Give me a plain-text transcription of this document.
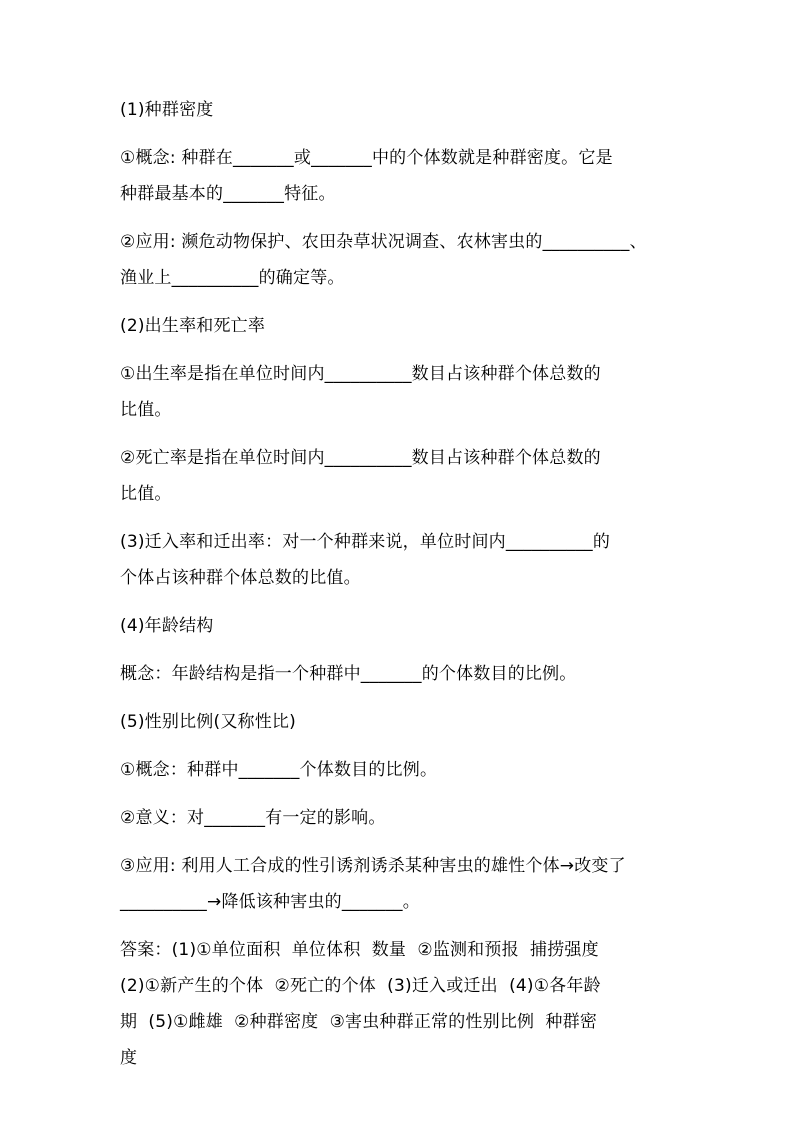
(1)种群密度
①概念: 种群在_______或_______中的个体数就是种群密度。它是
种群最基本的_______特征。
②应用: 濒危动物保护、农田杂草状况调查、农林害虫的__________、
渔业上__________的确定等。
(2)出生率和死亡率
①出生率是指在单位时间内__________数目占该种群个体总数的
比值。
②死亡率是指在单位时间内__________数目占该种群个体总数的
比值。
(3)迁入率和迁出率：对一个种群来说，单位时间内__________的
个体占该种群个体总数的比值。
(4)年龄结构
概念：年龄结构是指一个种群中_______的个体数目的比例。
(5)性别比例(又称性比)
①概念：种群中_______个体数目的比例。
②意义：对_______有一定的影响。
③应用: 利用人工合成的性引诱剂诱杀某种害虫的雄性个体→改变了
__________→降低该种害虫的_______。
答案：(1)①单位面积  单位体积  数量  ②监测和预报  捕捞强度
(2)①新产生的个体  ②死亡的个体  (3)迁入或迁出  (4)①各年龄
期  (5)①雌雄  ②种群密度  ③害虫种群正常的性别比例  种群密
度
